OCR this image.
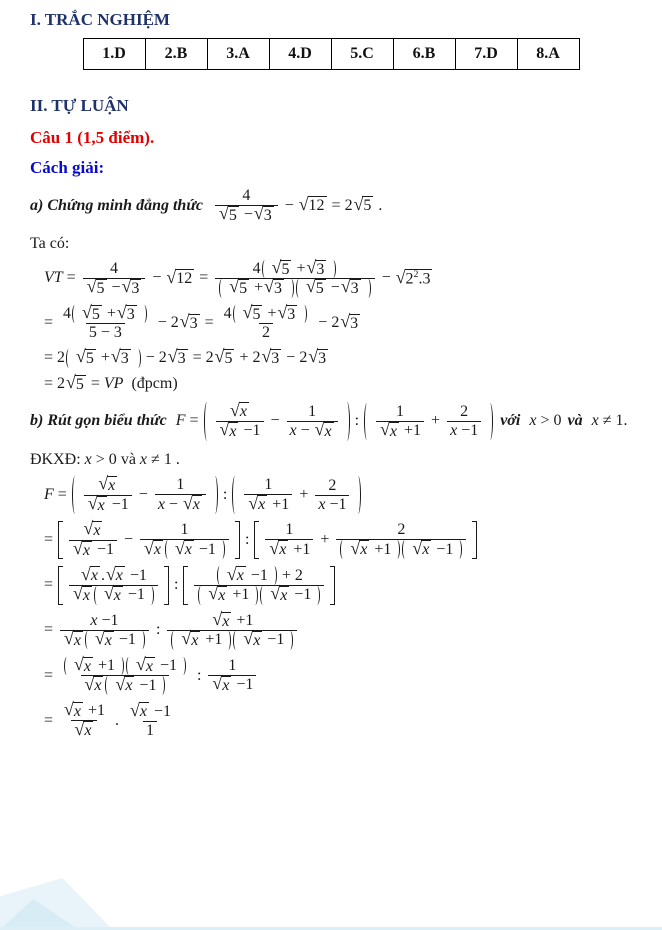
I. TRẮC NGHIỆM
1.D	2.B	3.A	4.D	5.C	6.B	7.D	8.A
II. TỰ LUẬN
Câu 1 (1,5 điểm).
Cách giải:
a) Chứng minh đẳng thức $\frac{4}{√ 5 - √ 3}$ − √ 12 = 2 √ 5 .
Ta có:
VT = $\frac{4}{√ 5 - √ 3}$ − √ $12 = \frac{4 √ 5 + √ 3}{√ 5 + √ 3 √ 5 - √ 3}$ − √ $2^2.3$
= $\frac{4 √ 5 + √ 3}{5 - 3} - 2$ √ $3 = \frac{4 √ 5 + √ 3}{2} - 2$ √ 3
= 2 √ 5 + √ 3 − 2 √ 3 = 2 √ 5 + 2 √ 3 − 2 √ 3
= 2 √ 5 = VP (đpcm)
b) Rút gọn biểu thức $F = \frac{√ x}{√ x -1} - \frac{1}{x - √ x}$ : $\frac{1}{√ x +1} + \frac{2}{x -1}$ với x > 0 và x ≠ 1.
ĐKXĐ:
x > 0 và x ≠ 1 .
$F = \frac{√ x}{√ x -1} - \frac{1}{x - √ x}$ : $\frac{1}{√ x +1} + \frac{2}{x -1}$
= $\frac{√ x}{√ x -1} - \frac{1}{√ x √ x -1}$ : $\frac{1}{√ x +1} + \frac{2}{√ x +1 √ x -1}$
= $\frac{√ x . √ x -1}{√ x √ x -1}$ : $\frac{√ x -1 + 2}{√ x +1 √ x -1}$
= $\frac{x -1}{√ x √ x -1}$ : $\frac{√ x +1}{√ x +1 √ x -1}$
= $\frac{√ x +1 √ x -1}{√ x √ x -1}$ : $\frac{1}{√ x -1}$
= $\frac{√ x +1}{√ x}$ . $\frac{√ x -1}{1}$
